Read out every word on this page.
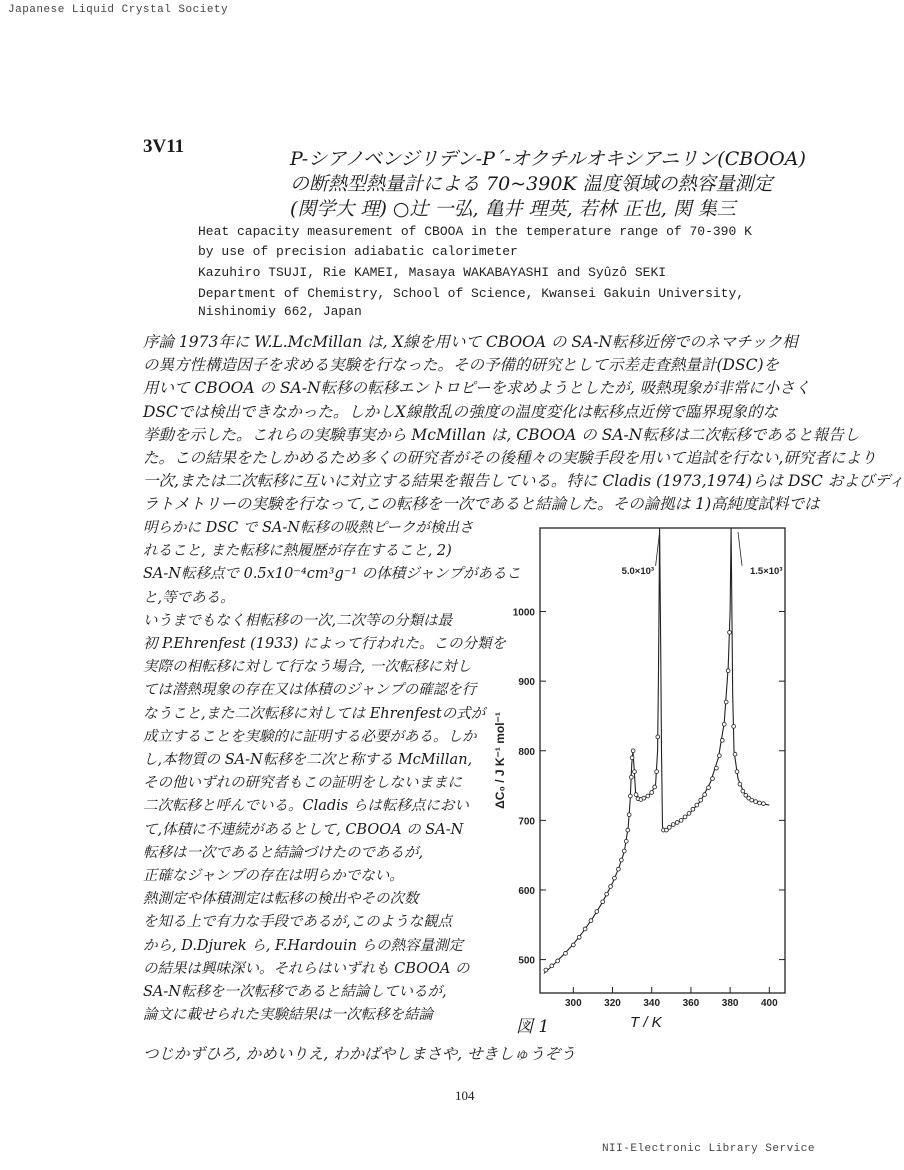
Japanese Liquid Crystal Society
3V11
P-シアノベンジリデン-P´-オクチルオキシアニリン(CBOOA)
の断熱型熱量計による 70~390K 温度領域の熱容量測定
(関学大 理) ○辻 一弘, 亀井 理英, 若林 正也, 関 集三
Heat capacity measurement of CBOOA in the temperature range of 70-390 K
by use of precision adiabatic calorimeter
Kazuhiro TSUJI, Rie KAMEI, Masaya WAKABAYASHI and Syûzô SEKI
Department of Chemistry, School of Science, Kwansei Gakuin University,
Nishinomiy 662, Japan
序論 1973年に W.L.McMillan は, X線を用いて CBOOA の SA-N転移近傍でのネマチック相
の異方性構造因子を求める実験を行なった。その予備的研究として示差走査熱量計(DSC)を
用いて CBOOA の SA-N転移の転移エントロピーを求めようとしたが, 吸熱現象が非常に小さく
DSCでは検出できなかった。しかしX線散乱の強度の温度変化は転移点近傍で臨界現象的な
挙動を示した。これらの実験事実から McMillan は, CBOOA の SA-N転移は二次転移であると報告し
た。この結果をたしかめるため多くの研究者がその後種々の実験手段を用いて追試を行ない,研究者により
一次,または二次転移に互いに対立する結果を報告している。特に Cladis (1973,1974)らは DSC およびディ
ラトメトリーの実験を行なって,この転移を一次であると結論した。その論拠は 1)高純度試料では
明らかに DSC で SA-N転移の吸熱ピークが検出さ
れること, また転移に熱履歴が存在すること, 2)
SA-N転移点で 0.5x10⁻⁴cm³g⁻¹ の体積ジャンプがあるこ
と,等である。
いうまでもなく相転移の一次,二次等の分類は最
初 P.Ehrenfest (1933) によって行われた。この分類を
実際の相転移に対して行なう場合, 一次転移に対し
ては潜熱現象の存在又は体積のジャンプの確認を行
なうこと,また二次転移に対しては Ehrenfestの式が
成立することを実験的に証明する必要がある。しか
し,本物質の SA-N転移を二次と称する McMillan,
その他いずれの研究者もこの証明をしないままに
二次転移と呼んでいる。Cladis らは転移点におい
て,体積に不連続があるとして, CBOOA の SA-N
転移は一次であると結論づけたのであるが,
正確なジャンプの存在は明らかでない。
熱測定や体積測定は転移の検出やその次数
を知る上で有力な手段であるが,このような観点
から, D.Djurek ら, F.Hardouin らの熱容量測定
の結果は興味深い。それらはいずれも CBOOA の
SA-N転移を一次転移であると結論しているが,
論文に載せられた実験結果は一次転移を結論
500
600
700
800
900
1000
300 320 340 360 380 400
ΔC₀ / J K⁻¹ mol⁻¹
5.0×10³	1.5×10³
図 1	T / K
つじかずひろ, かめいりえ, わかばやしまさや, せきしゅうぞう
104
NII-Electronic Library Service
